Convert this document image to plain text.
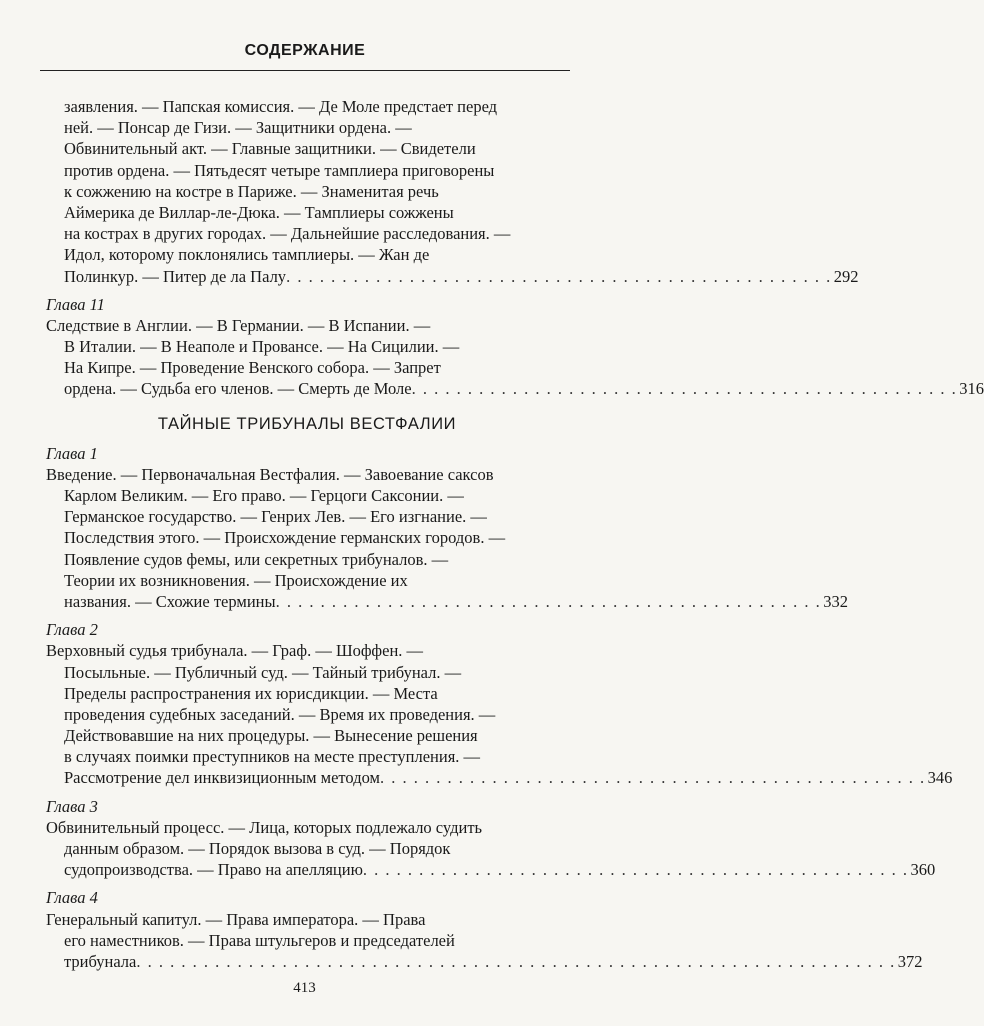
СОДЕРЖАНИЕ
заявления. — Папская комиссия. — Де Моле предстает перед
ней. — Понсар де Гизи. — Защитники ордена. —
Обвинительный акт. — Главные защитники. — Свидетели
против ордена. — Пятьдесят четыре тамплиера приговорены
к сожжению на костре в Париже. — Знаменитая речь
Аймерика де Виллар-ле-Дюка. — Тамплиеры сожжены
на кострах в других городах. — Дальнейшие расследования. —
Идол, которому поклонялись тамплиеры. — Жан де
Полинкур. — Питер де ла Палу . . . . . . . . . . . . . . . . . . . . . . . . . . . . . . . . . . . . . . . . . . . . . . . . . 292
Глава 11
Следствие в Англии. — В Германии. — В Испании. —
В Италии. — В Неаполе и Провансе. — На Сицилии. —
На Кипре. — Проведение Венского собора. — Запрет
ордена. — Судьба его членов. — Смерть де Моле . . . . . . . . . . . . . . . . . . . . . . . . . . . . . . . . . . . . . . . . . . . . . . . . . 316
ТАЙНЫЕ ТРИБУНАЛЫ ВЕСТФАЛИИ
Глава 1
Введение. — Первоначальная Вестфалия. — Завоевание саксов
Карлом Великим. — Его право. — Герцоги Саксонии. —
Германское государство. — Генрих Лев. — Его изгнание. —
Последствия этого. — Происхождение германских городов. —
Появление судов фемы, или секретных трибуналов. —
Теории их возникновения. — Происхождение их
названия. — Схожие термины . . . . . . . . . . . . . . . . . . . . . . . . . . . . . . . . . . . . . . . . . . . . . . . . . 332
Глава 2
Верховный судья трибунала. — Граф. — Шоффен. —
Посыльные. — Публичный суд. — Тайный трибунал. —
Пределы распространения их юрисдикции. — Места
проведения судебных заседаний. — Время их проведения. —
Действовавшие на них процедуры. — Вынесение решения
в случаях поимки преступников на месте преступления. —
Рассмотрение дел инквизиционным методом . . . . . . . . . . . . . . . . . . . . . . . . . . . . . . . . . . . . . . . . . . . . . . . . . 346
Глава 3
Обвинительный процесс. — Лица, которых подлежало судить
данным образом. — Порядок вызова в суд. — Порядок
судопроизводства. — Право на апелляцию . . . . . . . . . . . . . . . . . . . . . . . . . . . . . . . . . . . . . . . . . . . . . . . . . 360
Глава 4
Генеральный капитул. — Права императора. — Права
его наместников. — Права штульгеров и председателей
трибунала . . . . . . . . . . . . . . . . . . . . . . . . . . . . . . . . . . . . . . . . . . . . . . . . . . . . . . . . . . . . . . . . . . . . 372
413
